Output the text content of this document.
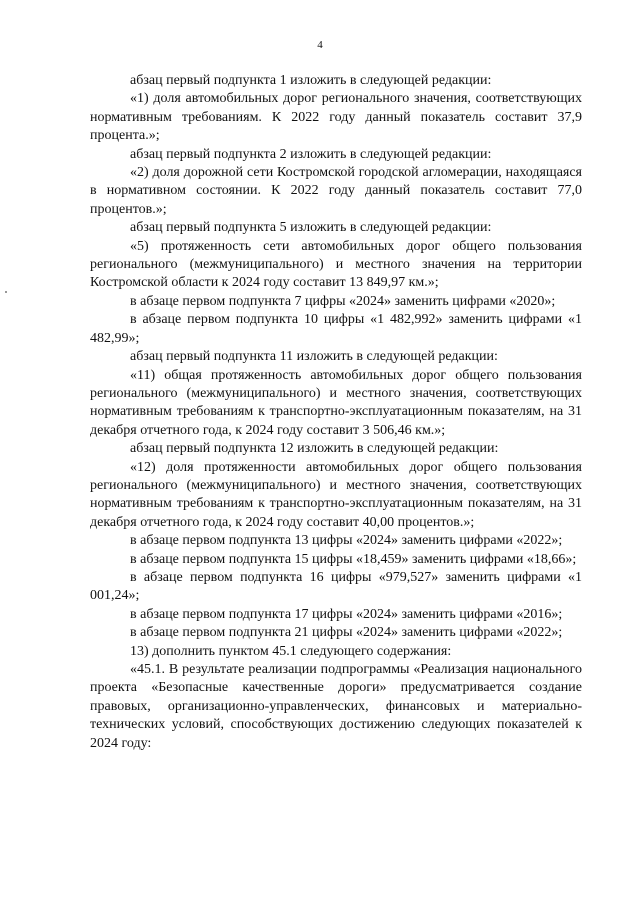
4

абзац первый подпункта 1 изложить в следующей редакции:

«1) доля автомобильных дорог регионального значения, соответствующих нормативным требованиям. К 2022 году данный показатель составит 37,9 процента.»;

абзац первый подпункта 2 изложить в следующей редакции:

«2) доля дорожной сети Костромской городской агломерации, находящаяся в нормативном состоянии. К 2022 году данный показатель составит 77,0 процентов.»;

абзац первый подпункта 5 изложить в следующей редакции:

«5) протяженность сети автомобильных дорог общего пользования регионального (межмуниципального) и местного значения на территории Костромской области к 2024 году составит 13 849,97 км.»;

в абзаце первом подпункта 7 цифры «2024» заменить цифрами «2020»;

в абзаце первом подпункта 10 цифры «1 482,992» заменить цифрами «1 482,99»;

абзац первый подпункта 11 изложить в следующей редакции:

«11) общая протяженность автомобильных дорог общего пользования регионального (межмуниципального) и местного значения, соответствующих нормативным требованиям к транспортно-эксплуатационным показателям, на 31 декабря отчетного года, к 2024 году составит 3 506,46 км.»;

абзац первый подпункта 12 изложить в следующей редакции:

«12) доля протяженности автомобильных дорог общего пользования регионального (межмуниципального) и местного значения, соответствующих нормативным требованиям к транспортно-эксплуатационным показателям, на 31 декабря отчетного года, к 2024 году составит 40,00 процентов.»;

в абзаце первом подпункта 13 цифры «2024» заменить цифрами «2022»;

в абзаце первом подпункта 15 цифры «18,459» заменить цифрами «18,66»;

в абзаце первом подпункта 16 цифры «979,527» заменить цифрами «1 001,24»;

в абзаце первом подпункта 17 цифры «2024» заменить цифрами «2016»;

в абзаце первом подпункта 21 цифры «2024» заменить цифрами «2022»;

13) дополнить пунктом 45.1 следующего содержания:

«45.1. В результате реализации подпрограммы «Реализация национального проекта «Безопасные качественные дороги» предусматривается создание правовых, организационно-управленческих, финансовых и материально-технических условий, способствующих достижению следующих показателей к 2024 году:
